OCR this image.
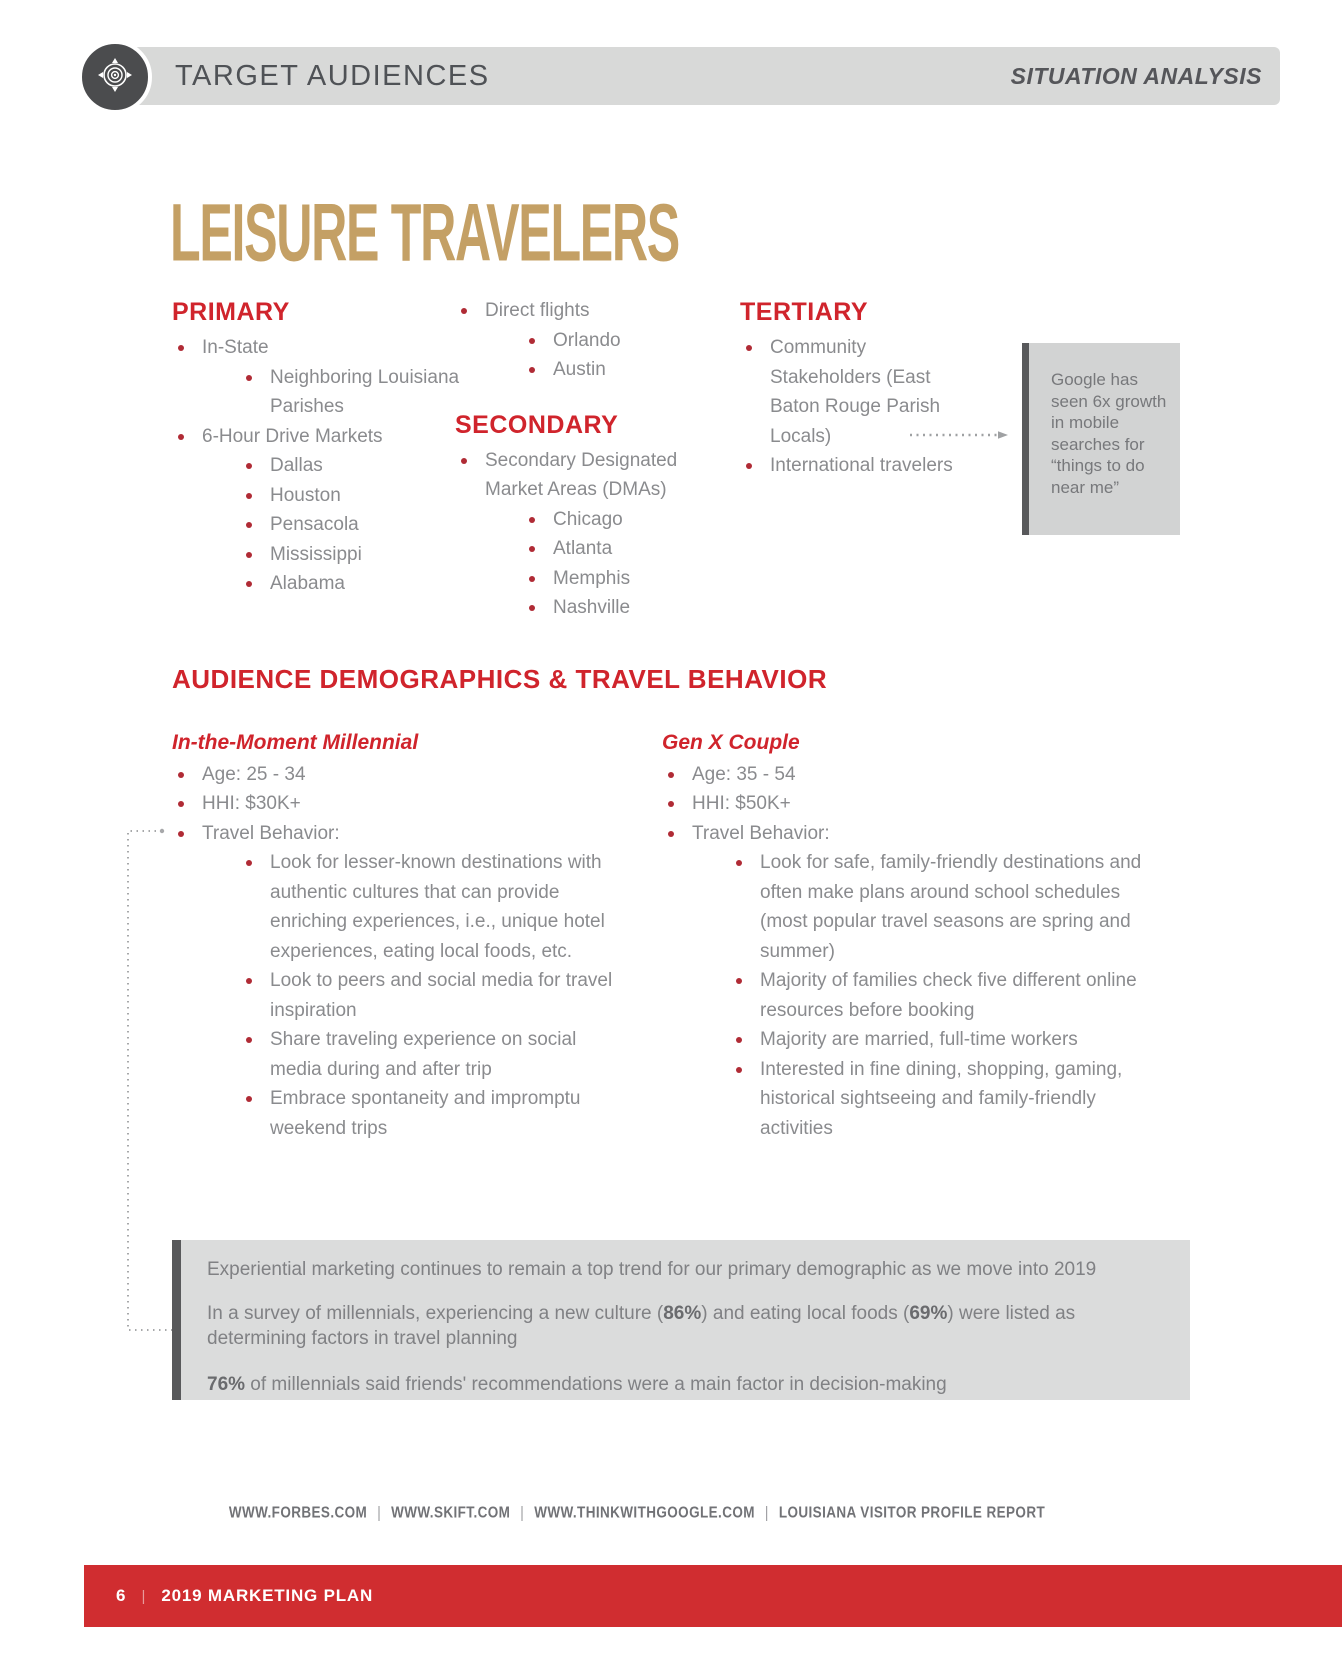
TARGET AUDIENCES	SITUATION ANALYSIS
LEISURE TRAVELERS
PRIMARY
In-State
Neighboring Louisiana Parishes
6-Hour Drive Markets
Dallas
Houston
Pensacola
Mississippi
Alabama
Direct flights
Orlando
Austin
SECONDARY
Secondary Designated Market Areas (DMAs)
Chicago
Atlanta
Memphis
Nashville
TERTIARY
Community Stakeholders (East Baton Rouge Parish Locals)
International travelers
Google has seen 6x growth in mobile searches for “things to do near me”
AUDIENCE DEMOGRAPHICS & TRAVEL BEHAVIOR
In-the-Moment Millennial
Age: 25 - 34
HHI: $30K+
Travel Behavior:
Look for lesser-known destinations with authentic cultures that can provide enriching experiences, i.e., unique hotel experiences, eating local foods, etc.
Look to peers and social media for travel inspiration
Share traveling experience on social media during and after trip
Embrace spontaneity and impromptu weekend trips
Gen X Couple
Age: 35 - 54
HHI: $50K+
Travel Behavior:
Look for safe, family-friendly destinations and often make plans around school schedules (most popular travel seasons are spring and summer)
Majority of families check five different online resources before booking
Majority are married, full-time workers
Interested in fine dining, shopping, gaming, historical sightseeing and family-friendly activities

Experiential marketing continues to remain a top trend for our primary demographic as we move into 2019

In a survey of millennials, experiencing a new culture (86%) and eating local foods (69%) were listed as determining factors in travel planning

76% of millennials said friends' recommendations were a main factor in decision-making

WWW.FORBES.COM | WWW.SKIFT.COM | WWW.THINKWITHGOOGLE.COM | LOUISIANA VISITOR PROFILE REPORT
6 | 2019 MARKETING PLAN
